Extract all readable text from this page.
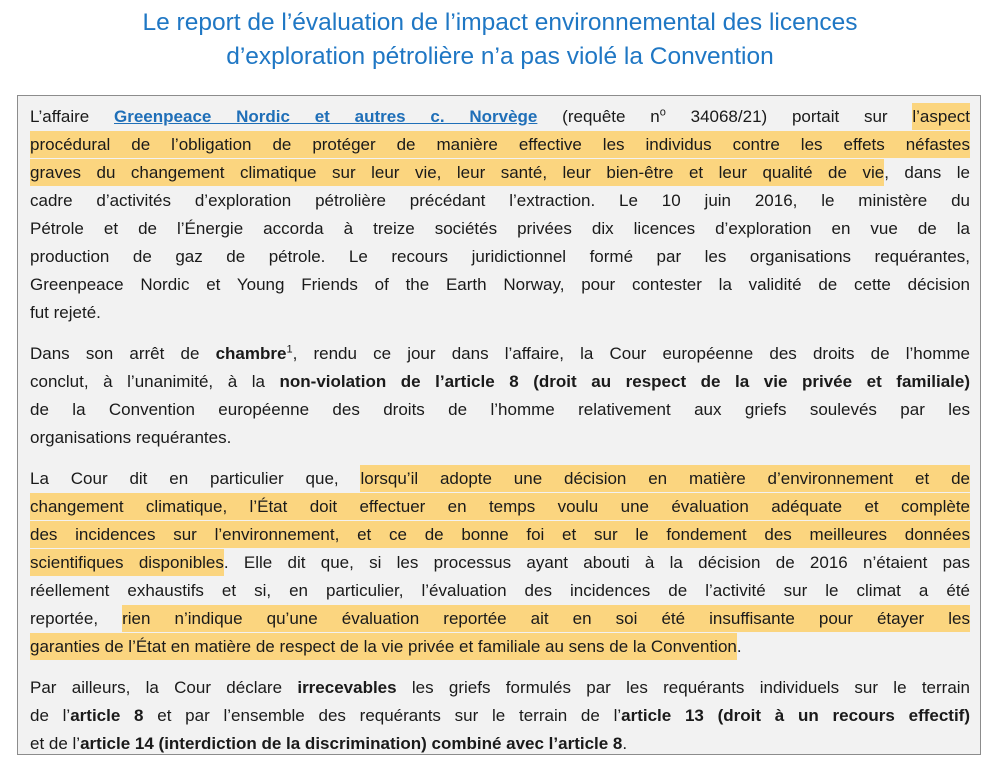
Le report de l’évaluation de l’impact environnemental des licences
d’exploration pétrolière n’a pas violé la Convention
L’affaire Greenpeace Nordic et autres c. Norvège (requête $n^o$ 34068/21) portait sur l’aspect
procédural de l’obligation de protéger de manière effective les individus contre les effets néfastes
graves du changement climatique sur leur vie, leur santé, leur bien-être et leur qualité de vie, dans le
cadre d’activités d’exploration pétrolière précédant l’extraction. Le 10 juin 2016, le ministère du
Pétrole et de l’Énergie accorda à treize sociétés privées dix licences d’exploration en vue de la
production de gaz de pétrole. Le recours juridictionnel formé par les organisations requérantes,
Greenpeace Nordic et Young Friends of the Earth Norway, pour contester la validité de cette décision
fut rejeté.
Dans son arrêt de chambre$^1$, rendu ce jour dans l’affaire, la Cour européenne des droits de l’homme
conclut, à l’unanimité, à la non-violation de l’article 8 (droit au respect de la vie privée et familiale)
de la Convention européenne des droits de l’homme relativement aux griefs soulevés par les
organisations requérantes.
La Cour dit en particulier que, lorsqu’il adopte une décision en matière d’environnement et de
changement climatique, l’État doit effectuer en temps voulu une évaluation adéquate et complète
des incidences sur l’environnement, et ce de bonne foi et sur le fondement des meilleures données
scientifiques disponibles. Elle dit que, si les processus ayant abouti à la décision de 2016 n’étaient pas
réellement exhaustifs et si, en particulier, l’évaluation des incidences de l’activité sur le climat a été
reportée, rien n’indique qu’une évaluation reportée ait en soi été insuffisante pour étayer les
garanties de l’État en matière de respect de la vie privée et familiale au sens de la Convention.
Par ailleurs, la Cour déclare irrecevables les griefs formulés par les requérants individuels sur le terrain
de l’article 8 et par l’ensemble des requérants sur le terrain de l’article 13 (droit à un recours effectif)
et de l’article 14 (interdiction de la discrimination) combiné avec l’article 8.
